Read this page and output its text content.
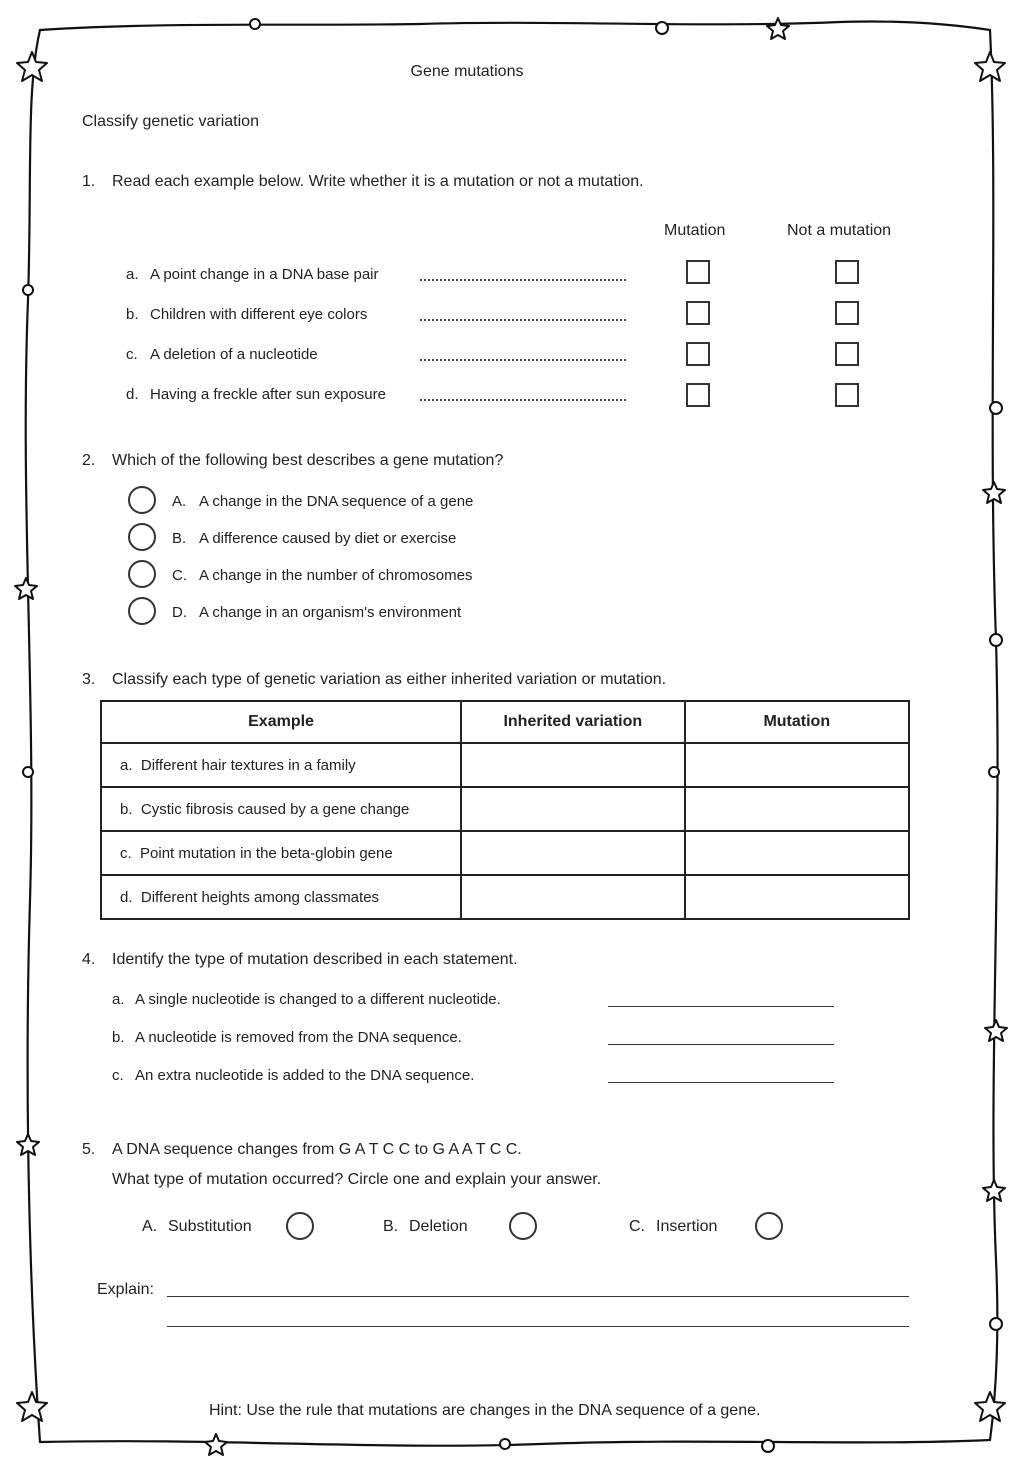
Gene mutations
Classify genetic variation
1. Read each example below. Write whether it is a mutation or not a mutation.
Mutation	Not a mutation
a. A point change in a DNA base pair
b. Children with different eye colors
c. A deletion of a nucleotide
d. Having a freckle after sun exposure
2. Which of the following best describes a gene mutation?
A. A change in the DNA sequence of a gene
B. A difference caused by diet or exercise
C. A change in the number of chromosomes
D. A change in an organism's environment
3. Classify each type of genetic variation as either inherited variation or mutation.
Example	Inherited variation	Mutation
a. Different hair textures in a family		
b. Cystic fibrosis caused by a gene change		
c. Point mutation in the beta-globin gene		
d. Different heights among classmates		
4. Identify the type of mutation described in each statement.
a. A single nucleotide is changed to a different nucleotide.
b. A nucleotide is removed from the DNA sequence.
c. An extra nucleotide is added to the DNA sequence.
5. A DNA sequence changes from G A T C C to G A A T C C.
What type of mutation occurred? Circle one and explain your answer.
A. Substitution	B. Deletion	C. Insertion
Explain:
Hint: Use the rule that mutations are changes in the DNA sequence of a gene.
